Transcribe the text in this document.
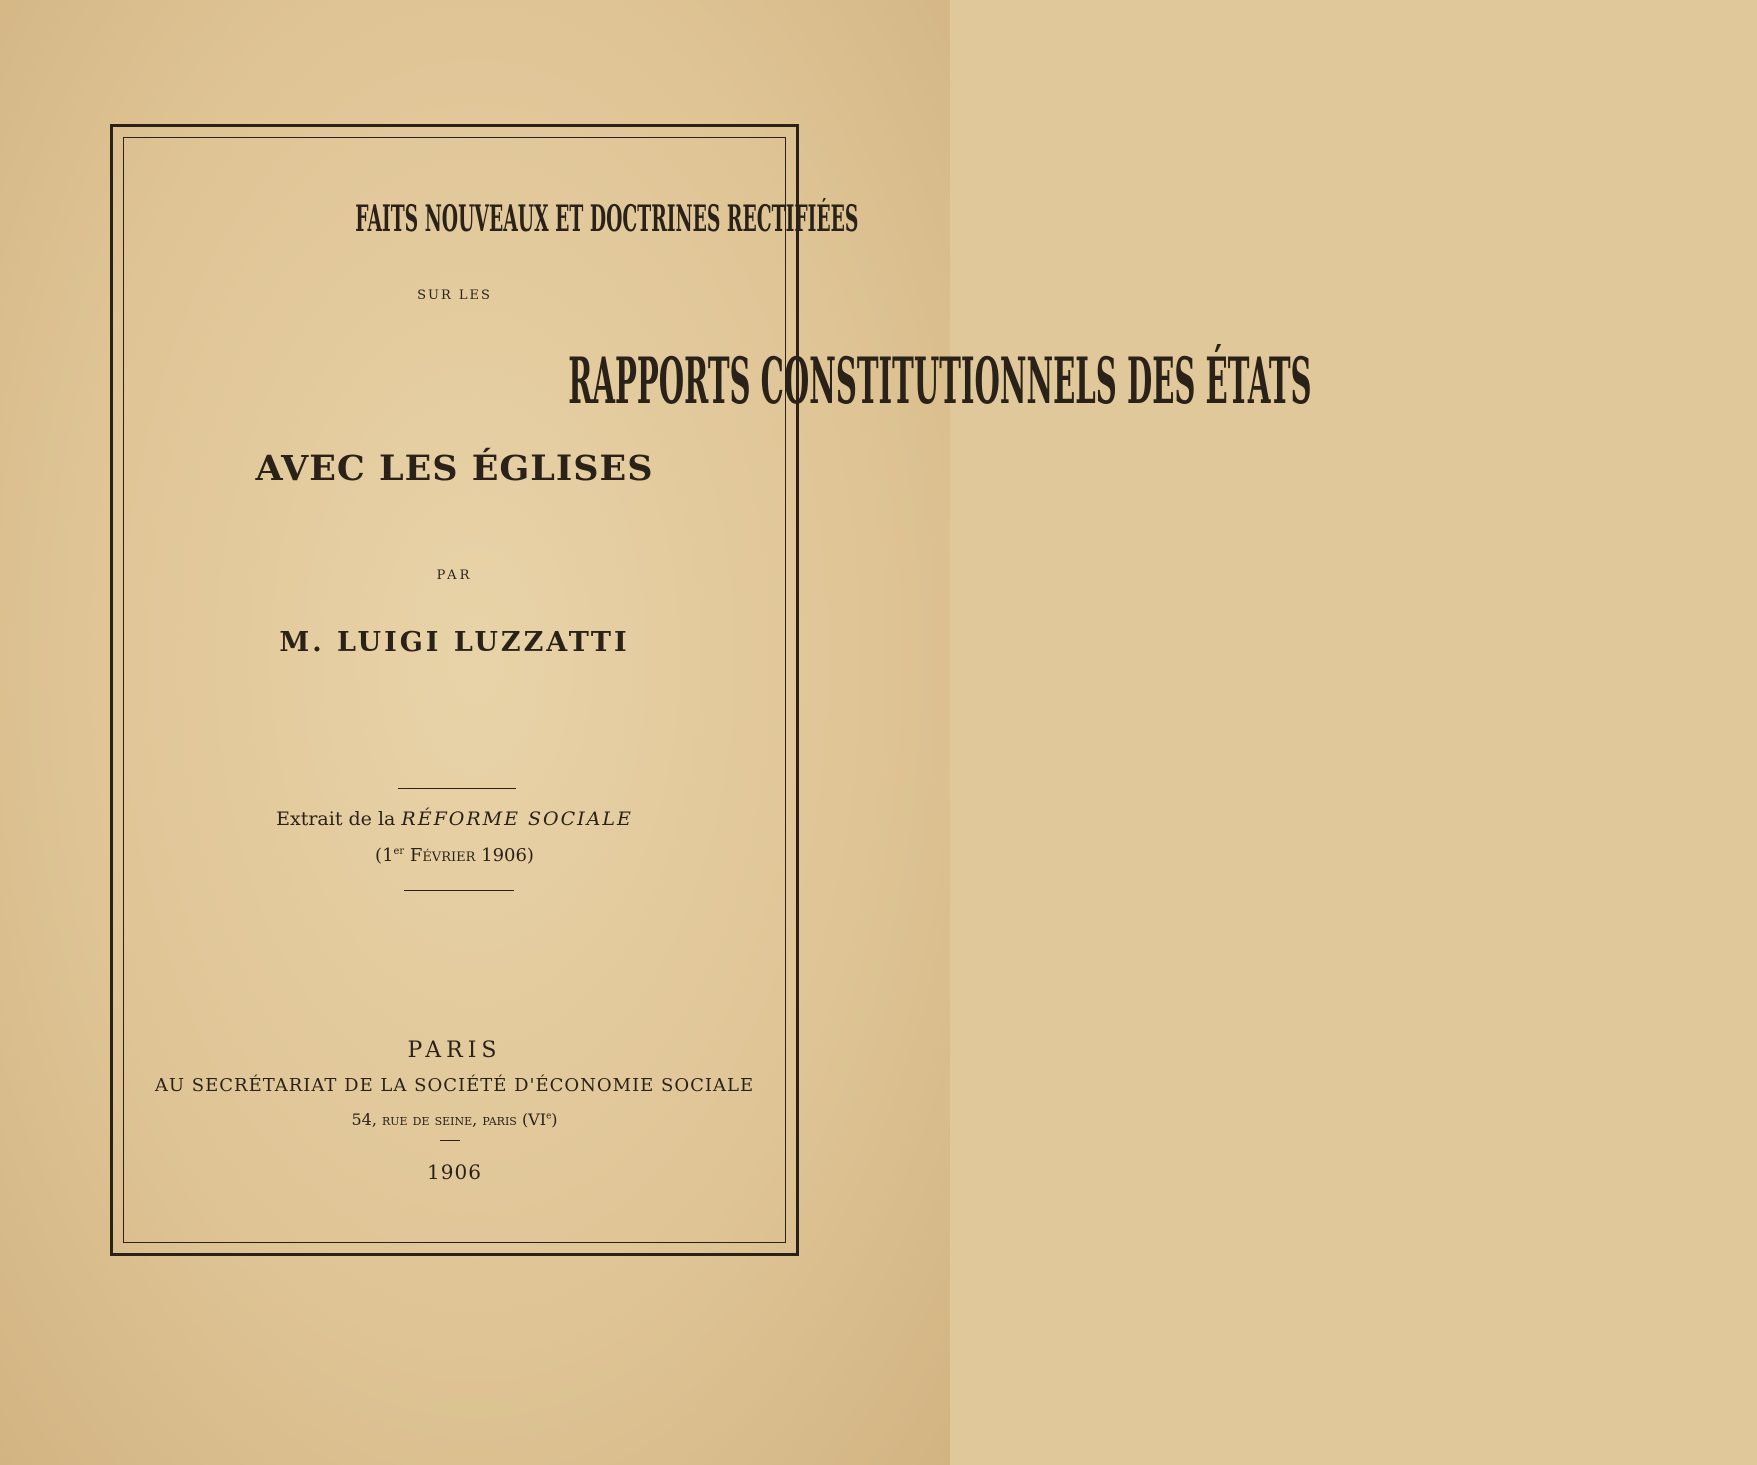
FAITS NOUVEAUX ET DOCTRINES RECTIFIÉES
SUR LES
RAPPORTS CONSTITUTIONNELS DES ÉTATS
AVEC LES ÉGLISES
PAR
M. LUIGI LUZZATTI
Extrait de la RÉFORME SOCIALE
(1er Février 1906)
PARIS
AU SECRÉTARIAT DE LA SOCIÉTÉ D'ÉCONOMIE SOCIALE
54, rue de seine, paris (VIe)
1906
